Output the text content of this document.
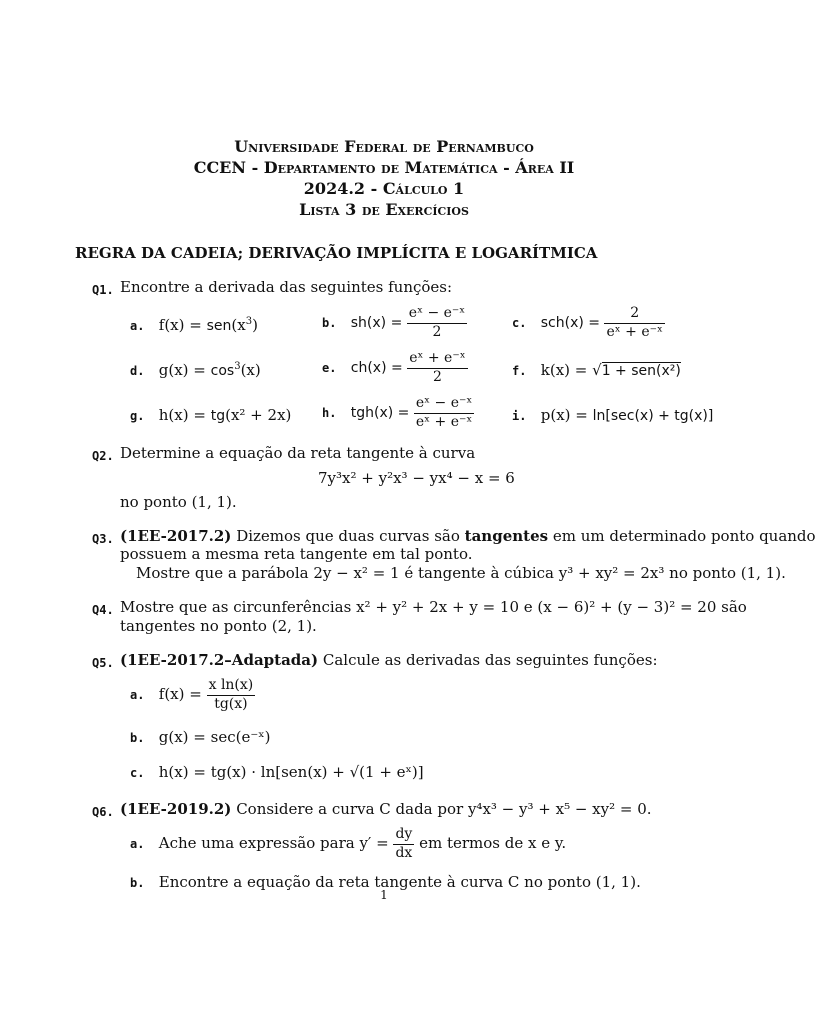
Universidade Federal de Pernambuco
CCEN - Departamento de Matemática - Área II
2024.2 - Cálculo 1
Lista 3 de Exercícios
REGRA DA CADEIA; DERIVAÇÃO IMPLÍCITA E LOGARÍTMICA
Q1. Encontre a derivada das seguintes funções:
a. $f(x) = sen(x^3)$	b. $sh(x) = \frac{\text{eˣ − e⁻ˣ}}{2}$	c. $sch(x) = \frac{2}{\text{eˣ + e⁻ˣ}}$
d. $g(x) = \cos^3(x)$	e. $ch(x) = \frac{\text{eˣ + e⁻ˣ}}{2}$	f. k(x) = √1 + sen(x²)
g. h(x) = tg(x² + 2x)	h. $tgh(x) = \frac{\text{eˣ − e⁻ˣ}}{\text{eˣ + e⁻ˣ}}$	i. p(x) = ln[sec(x) + tg(x)]
Q2. Determine a equação da reta tangente à curva
7y³x² + y²x³ − yx⁴ − x = 6
no ponto (1, 1).
Q3. (1EE-2017.2) Dizemos que duas curvas são tangentes em um determinado ponto quando
possuem a mesma reta tangente em tal ponto.
Mostre que a parábola 2y − x² = 1 é tangente à cúbica y³ + xy² = 2x³ no ponto (1, 1).
Q4. Mostre que as circunferências x² + y² + 2x + y = 10 e (x − 6)² + (y − 3)² = 20 são
tangentes no ponto (2, 1).
Q5. (1EE-2017.2–Adaptada) Calcule as derivadas das seguintes funções:
a. $f(x) = \frac{\text{x ln(x)}}{tg(x)}$
b. g(x) = sec(e⁻ˣ)
c. h(x) = tg(x) · ln[sen(x) + √(1 + eˣ)]
Q6. (1EE-2019.2) Considere a curva C dada por y⁴x³ − y³ + x⁵ − xy² = 0.
a. Ache uma expressão para $y' = \frac{dy}{dx}$ em termos de x e y.
b. Encontre a equação da reta tangente à curva C no ponto (1, 1).
1
